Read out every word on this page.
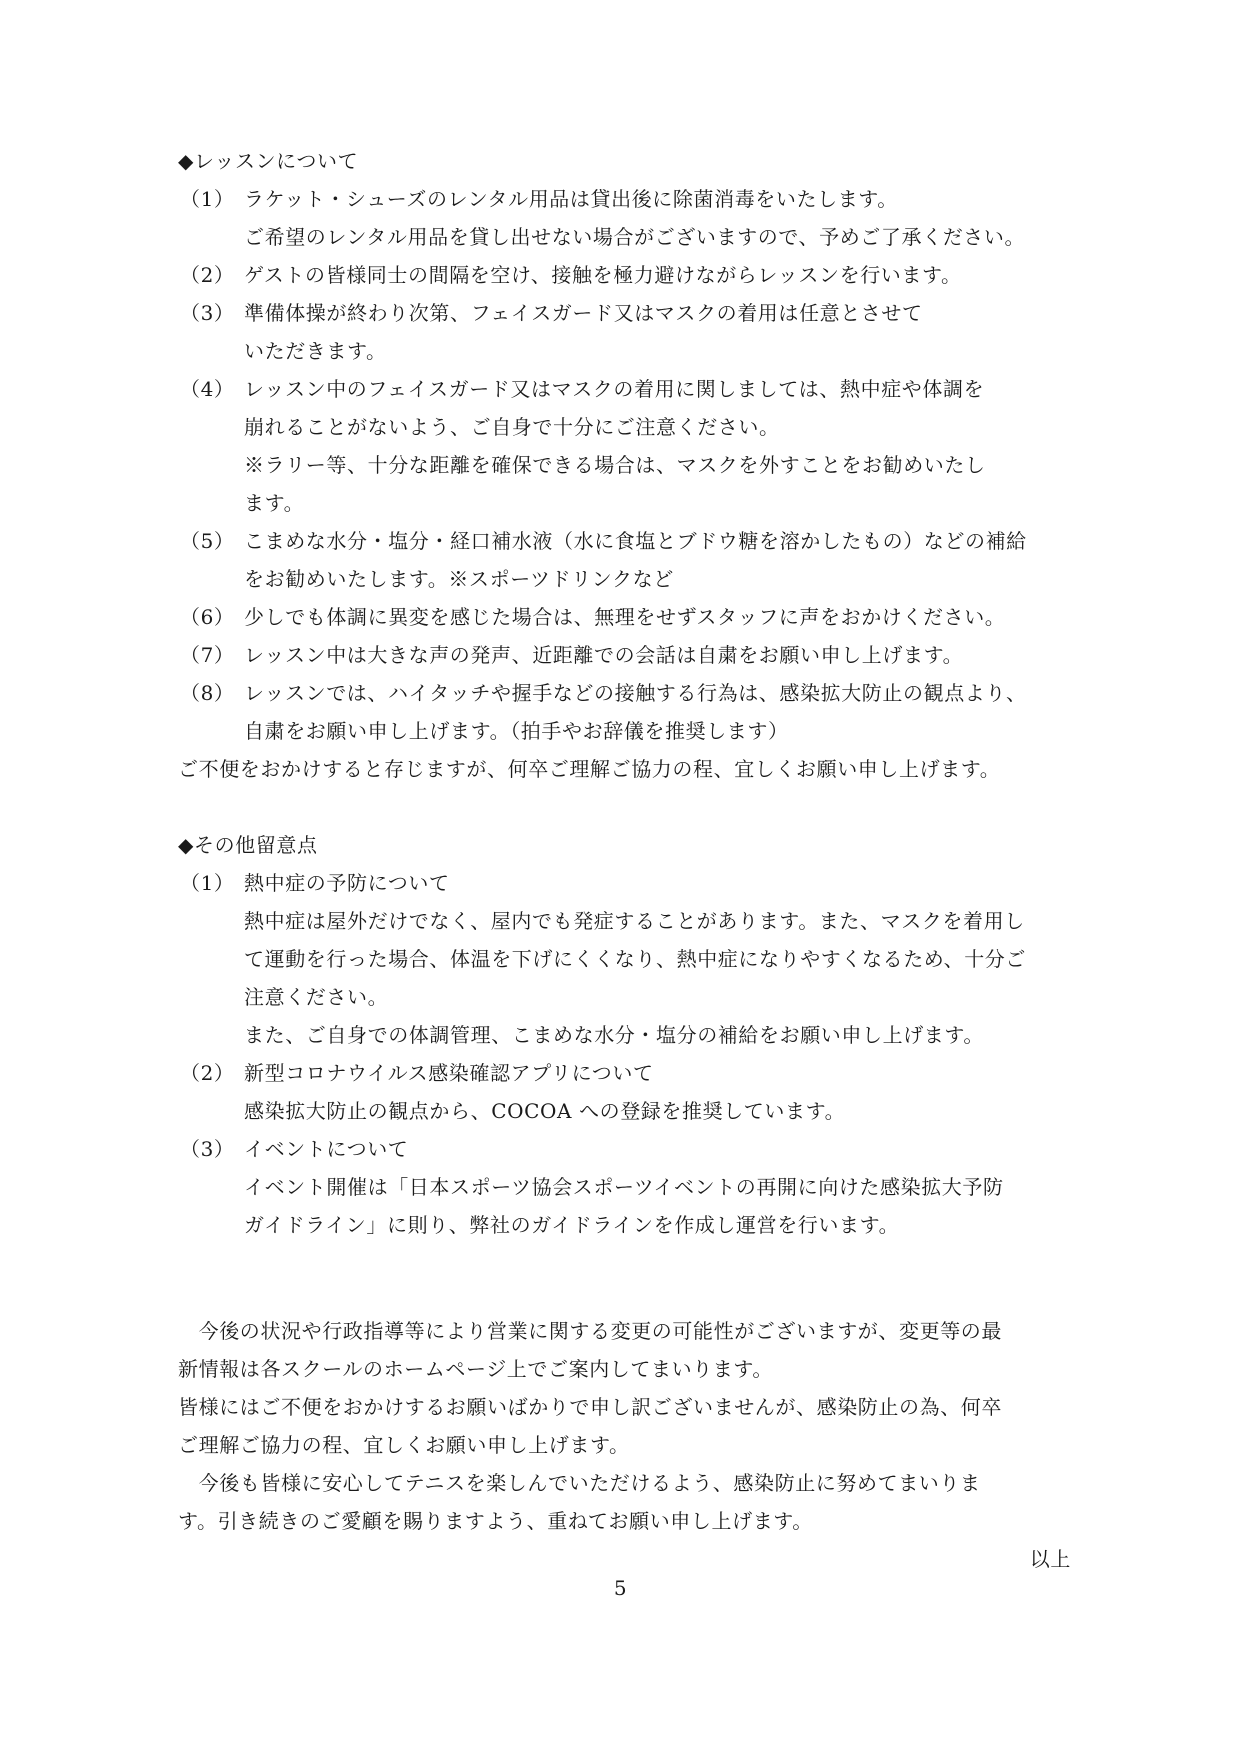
◆レッスンについて
（1） ラケット・シューズのレンタル用品は貸出後に除菌消毒をいたします。
ご希望のレンタル用品を貸し出せない場合がございますので、予めご了承ください。
（2） ゲストの皆様同士の間隔を空け、接触を極力避けながらレッスンを行います。
（3） 準備体操が終わり次第、フェイスガード又はマスクの着用は任意とさせて
いただきます。
（4） レッスン中のフェイスガード又はマスクの着用に関しましては、熱中症や体調を
崩れることがないよう、ご自身で十分にご注意ください。
※ラリー等、十分な距離を確保できる場合は、マスクを外すことをお勧めいたし
ます。
（5） こまめな水分・塩分・経口補水液（水に食塩とブドウ糖を溶かしたもの）などの補給
をお勧めいたします。※スポーツドリンクなど
（6） 少しでも体調に異変を感じた場合は、無理をせずスタッフに声をおかけください。
（7） レッスン中は大きな声の発声、近距離での会話は自粛をお願い申し上げます。
（8） レッスンでは、ハイタッチや握手などの接触する行為は、感染拡大防止の観点より、
自粛をお願い申し上げます。（拍手やお辞儀を推奨します）
ご不便をおかけすると存じますが、何卒ご理解ご協力の程、宜しくお願い申し上げます。
◆その他留意点
（1） 熱中症の予防について
熱中症は屋外だけでなく、屋内でも発症することがあります。また、マスクを着用し
て運動を行った場合、体温を下げにくくなり、熱中症になりやすくなるため、十分ご
注意ください。
また、ご自身での体調管理、こまめな水分・塩分の補給をお願い申し上げます。
（2） 新型コロナウイルス感染確認アプリについて
感染拡大防止の観点から、COCOA への登録を推奨しています。
（3） イベントについて
イベント開催は「日本スポーツ協会スポーツイベントの再開に向けた感染拡大予防
ガイドライン」に則り、弊社のガイドラインを作成し運営を行います。
　今後の状況や行政指導等により営業に関する変更の可能性がございますが、変更等の最
新情報は各スクールのホームページ上でご案内してまいります。
皆様にはご不便をおかけするお願いばかりで申し訳ございませんが、感染防止の為、何卒
ご理解ご協力の程、宜しくお願い申し上げます。
　今後も皆様に安心してテニスを楽しんでいただけるよう、感染防止に努めてまいりま
す。引き続きのご愛顧を賜りますよう、重ねてお願い申し上げます。
以上
5
